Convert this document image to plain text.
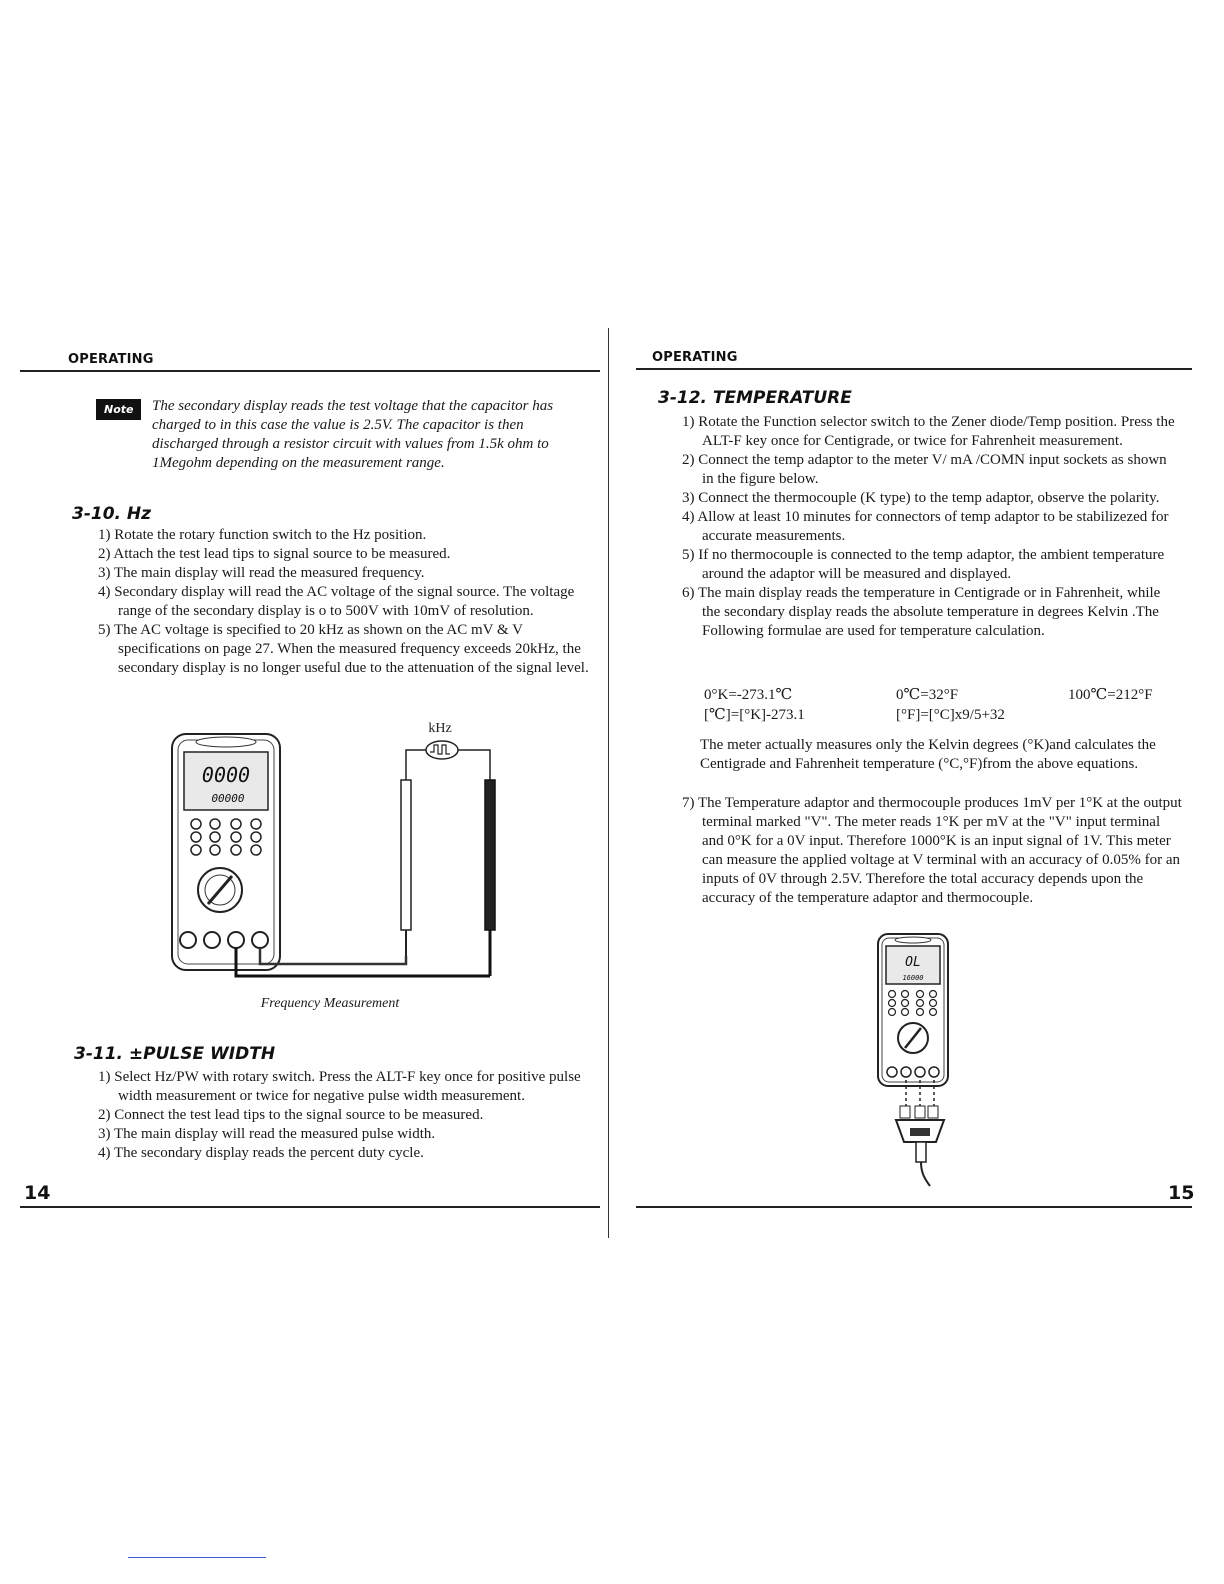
OPERATING
Note	The secondary display reads the test voltage that the capacitor has charged to in this case the value is 2.5V. The capacitor is then discharged through a resistor circuit with values from 1.5k ohm to 1Megohm depending on the measurement range.
3-10. Hz
1) Rotate the rotary function switch to the Hz position.
2) Attach the test lead tips to signal source to be measured.
3) The main display will read the measured frequency.
4) Secondary display will read the AC voltage of the signal source. The voltage range of the secondary display is o to 500V with 10mV of resolution.
5) The AC voltage is specified to 20 kHz as shown on the AC mV & V specifications on page 27. When the measured frequency exceeds 20kHz, the secondary display is no longer useful due to the attenuation of the signal level.
0000
00000
kHz
Frequency Measurement
3-11. ±PULSE WIDTH
1) Select Hz/PW with rotary switch. Press the ALT-F key once for positive pulse width measurement or twice for negative pulse width measurement.
2) Connect the test lead tips to the signal source to be measured.
3) The main display will read the measured pulse width.
4) The secondary display reads the percent duty cycle.
14
OPERATING
3-12. TEMPERATURE
1) Rotate the Function selector switch to the Zener diode/Temp position. Press the ALT-F key once for Centigrade, or twice for Fahrenheit measurement.
2) Connect the temp adaptor to the meter V/ mA /COMN input sockets as shown in the figure below.
3) Connect the thermocouple (K type) to the temp adaptor, observe the polarity.
4) Allow at least 10 minutes for connectors of temp adaptor to be stabilizezed for accurate measurements.
5) If no thermocouple is connected to the temp adaptor, the ambient temperature around the adaptor will be measured and displayed.
6) The main display reads the temperature in Centigrade or in Fahrenheit, while the secondary display reads the absolute temperature in degrees Kelvin .The Following formulae are used for temperature calculation.
0°K=-273.1℃	0℃=32°F	100℃=212°F
[℃]=[°K]-273.1	[°F]=[°C]x9/5+32
The meter actually measures only the Kelvin degrees (°K)and calculates the Centigrade and Fahrenheit temperature (°C,°F)from the above equations.
7) The Temperature adaptor and thermocouple produces 1mV per 1°K at the output terminal marked "V". The meter reads 1°K per mV at the "V" input terminal and 0°K for a 0V input. Therefore 1000°K is an input signal of 1V. This meter can measure the applied voltage at V terminal with an accuracy of 0.05% for an inputs of 0V through 2.5V. Therefore the total accuracy depends upon the accuracy of the temperature adaptor and thermocouple.
OL
16000
15
